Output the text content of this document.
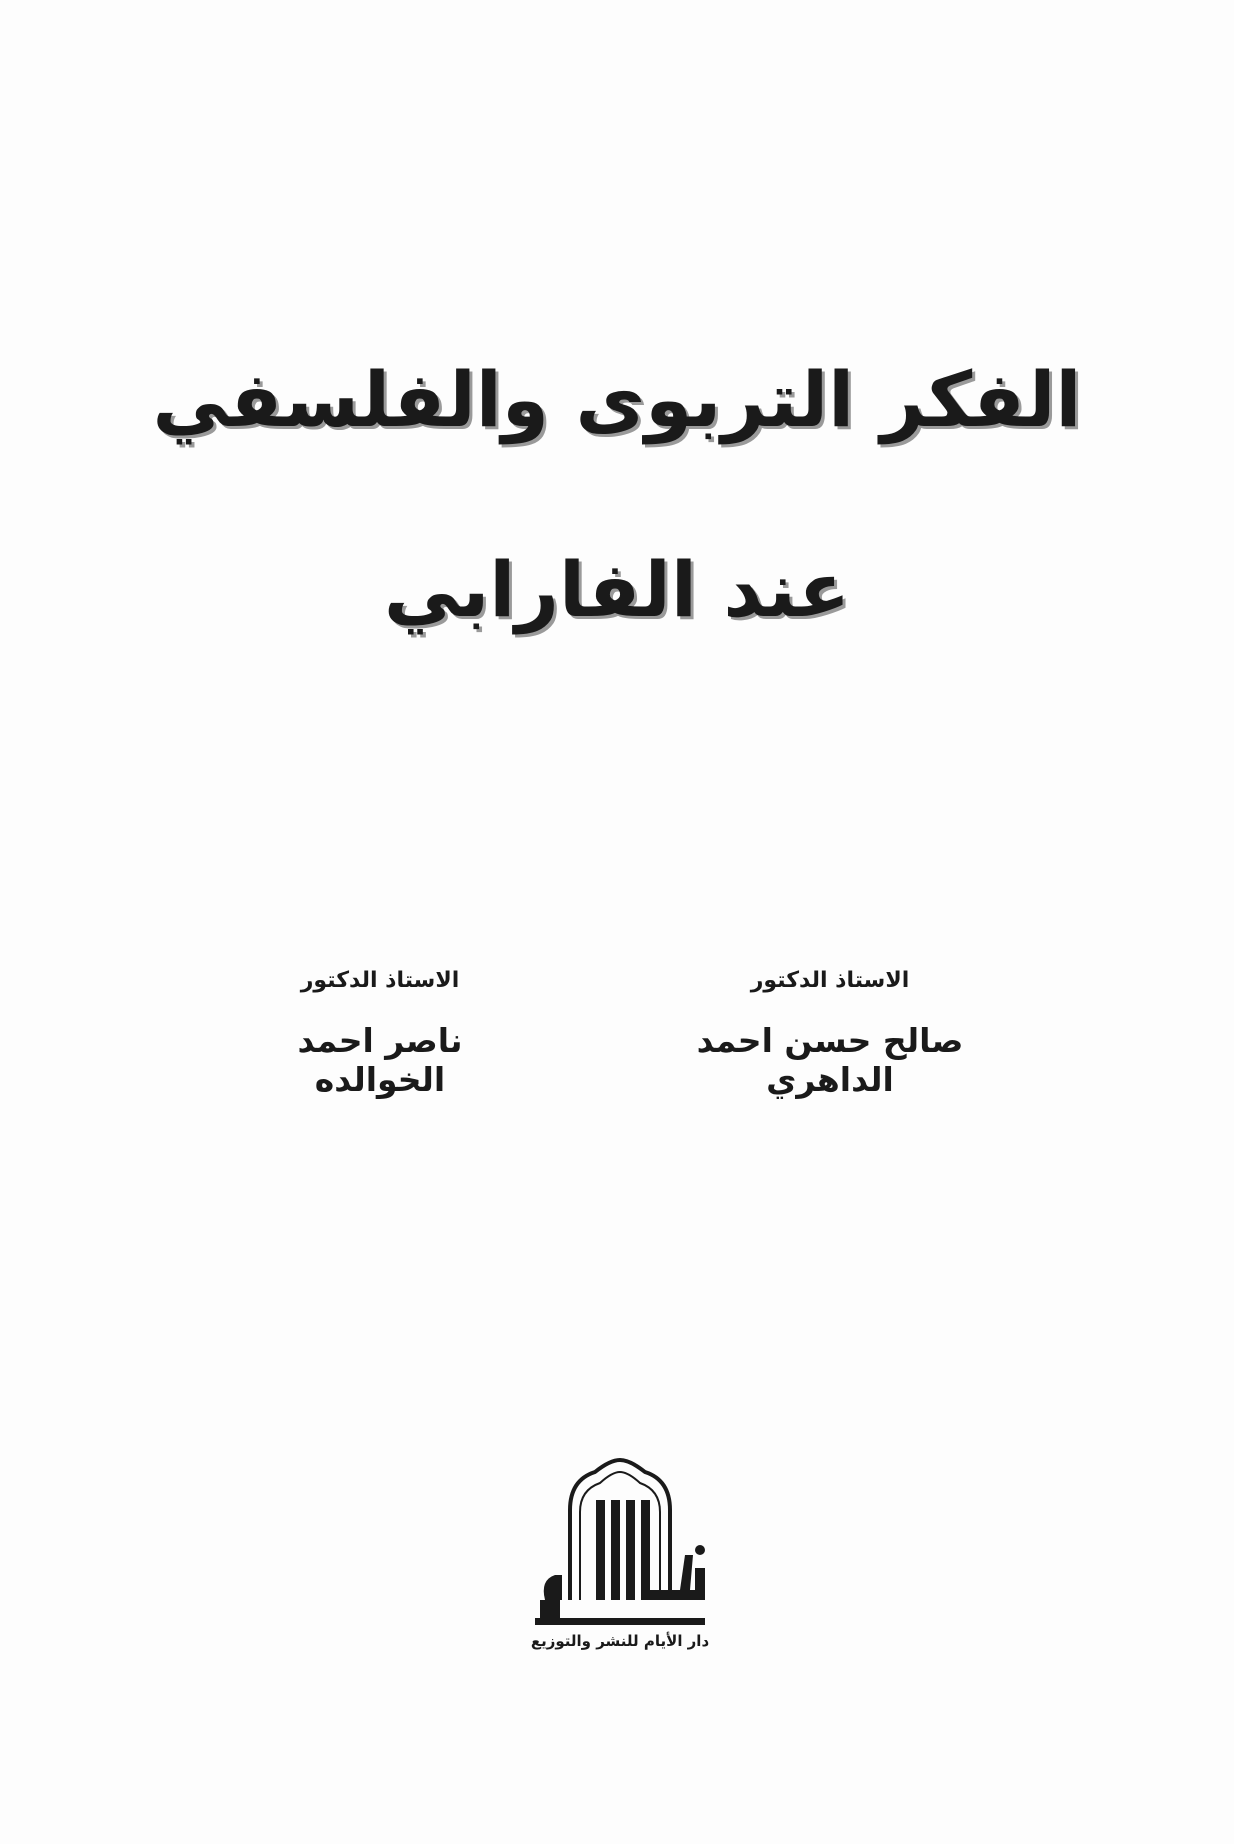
الفكر التربوى والفلسفي
عند الفارابي
الاستاذ الدكتور
صالح حسن احمد الداهري
الاستاذ الدكتور
ناصر احمد الخوالده
دار الأيام للنشر والتوزيع
